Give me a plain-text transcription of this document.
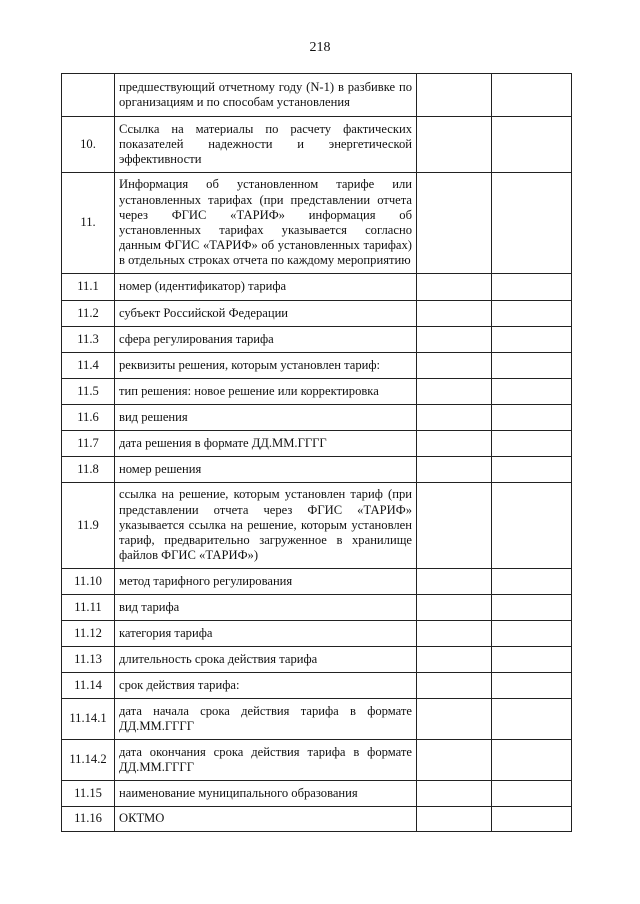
218
	предшествующий отчетному году (N-1) в разбивке по организациям и по способам установления		
10.	Ссылка на материалы по расчету фактических показателей надежности и энергетической эффективности		
11.	Информация об установленном тарифе или установленных тарифах (при представлении отчета через ФГИС «ТАРИФ» информация об установленных тарифах указывается согласно данным ФГИС «ТАРИФ» об установленных тарифах) в отдельных строках отчета по каждому мероприятию		
11.1	номер (идентификатор) тарифа		
11.2	субъект Российской Федерации		
11.3	сфера регулирования тарифа		
11.4	реквизиты решения, которым установлен тариф:		
11.5	тип решения: новое решение или корректировка		
11.6	вид решения		
11.7	дата решения в формате ДД.ММ.ГГГГ		
11.8	номер решения		
11.9	ссылка на решение, которым установлен тариф (при представлении отчета через ФГИС «ТАРИФ» указывается ссылка на решение, которым установлен тариф, предварительно загруженное в хранилище файлов ФГИС «ТАРИФ»)		
11.10	метод тарифного регулирования		
11.11	вид тарифа		
11.12	категория тарифа		
11.13	длительность срока действия тарифа		
11.14	срок действия тарифа:		
11.14.1	дата начала срока действия тарифа в формате ДД.ММ.ГГГГ		
11.14.2	дата окончания срока действия тарифа в формате ДД.ММ.ГГГГ		
11.15	наименование муниципального образования		
11.16	ОКТМО		
